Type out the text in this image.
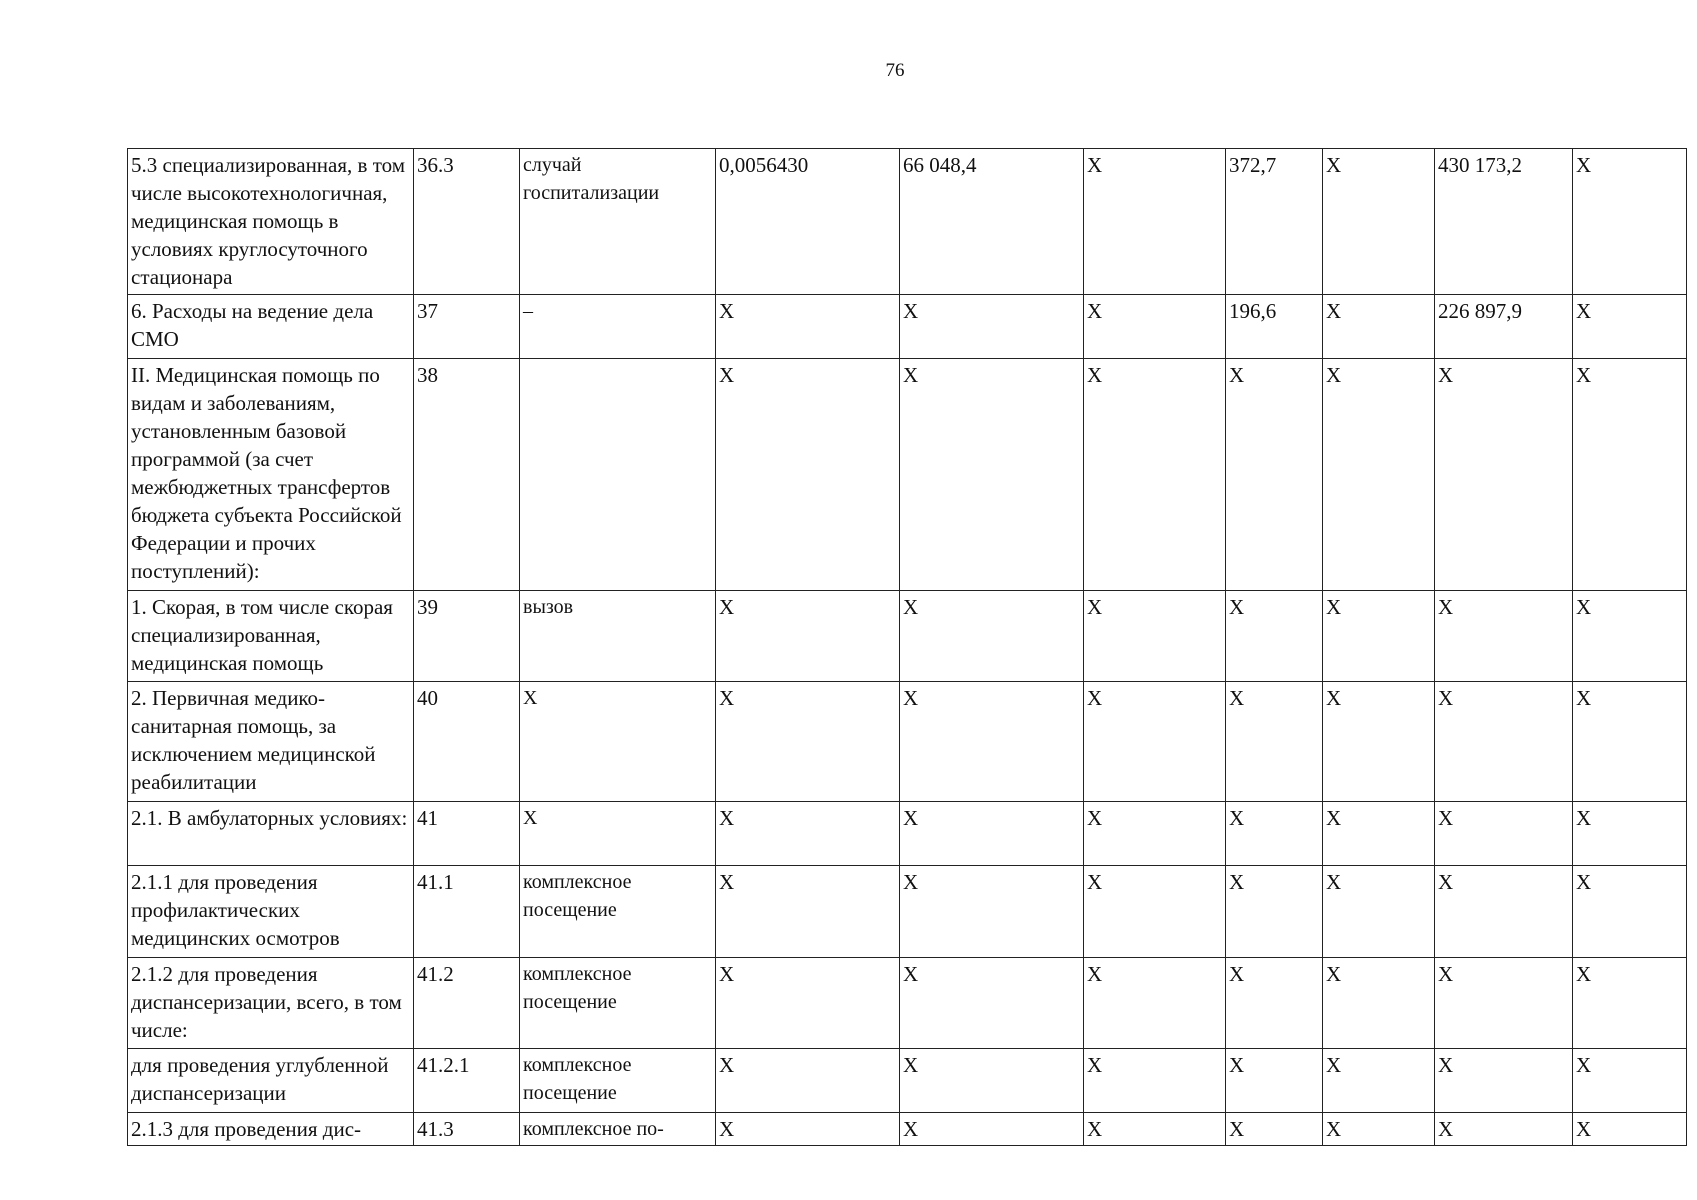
76
5.3 специализированная, в том числе высокотехнологичная, медицинская помощь в условиях круглосуточного стационара	36.3	случай госпитализации	0,0056430	66 048,4	X	372,7	X	430 173,2	X
6. Расходы на ведение дела СМО	37	–	X	X	X	196,6	X	226 897,9	X
II. Медицинская помощь по видам и заболеваниям, установленным базовой программой (за счет межбюджетных трансфертов бюджета субъекта Российской Федерации и прочих поступлений):	38		X	X	X	X	X	X	X
1. Скорая, в том числе скорая специализированная, медицинская помощь	39	вызов	X	X	X	X	X	X	X
2. Первичная медико-санитарная помощь, за исключением медицинской реабилитации	40	X	X	X	X	X	X	X	X
2.1. В амбулаторных условиях:	41	X	X	X	X	X	X	X	X
2.1.1 для проведения профилактических медицинских осмотров	41.1	комплексное посещение	X	X	X	X	X	X	X
2.1.2 для проведения диспансеризации, всего, в том числе:	41.2	комплексное посещение	X	X	X	X	X	X	X
для проведения углубленной диспансеризации	41.2.1	комплексное посещение	X	X	X	X	X	X	X
2.1.3 для проведения дис-	41.3	комплексное по-	X	X	X	X	X	X	X
